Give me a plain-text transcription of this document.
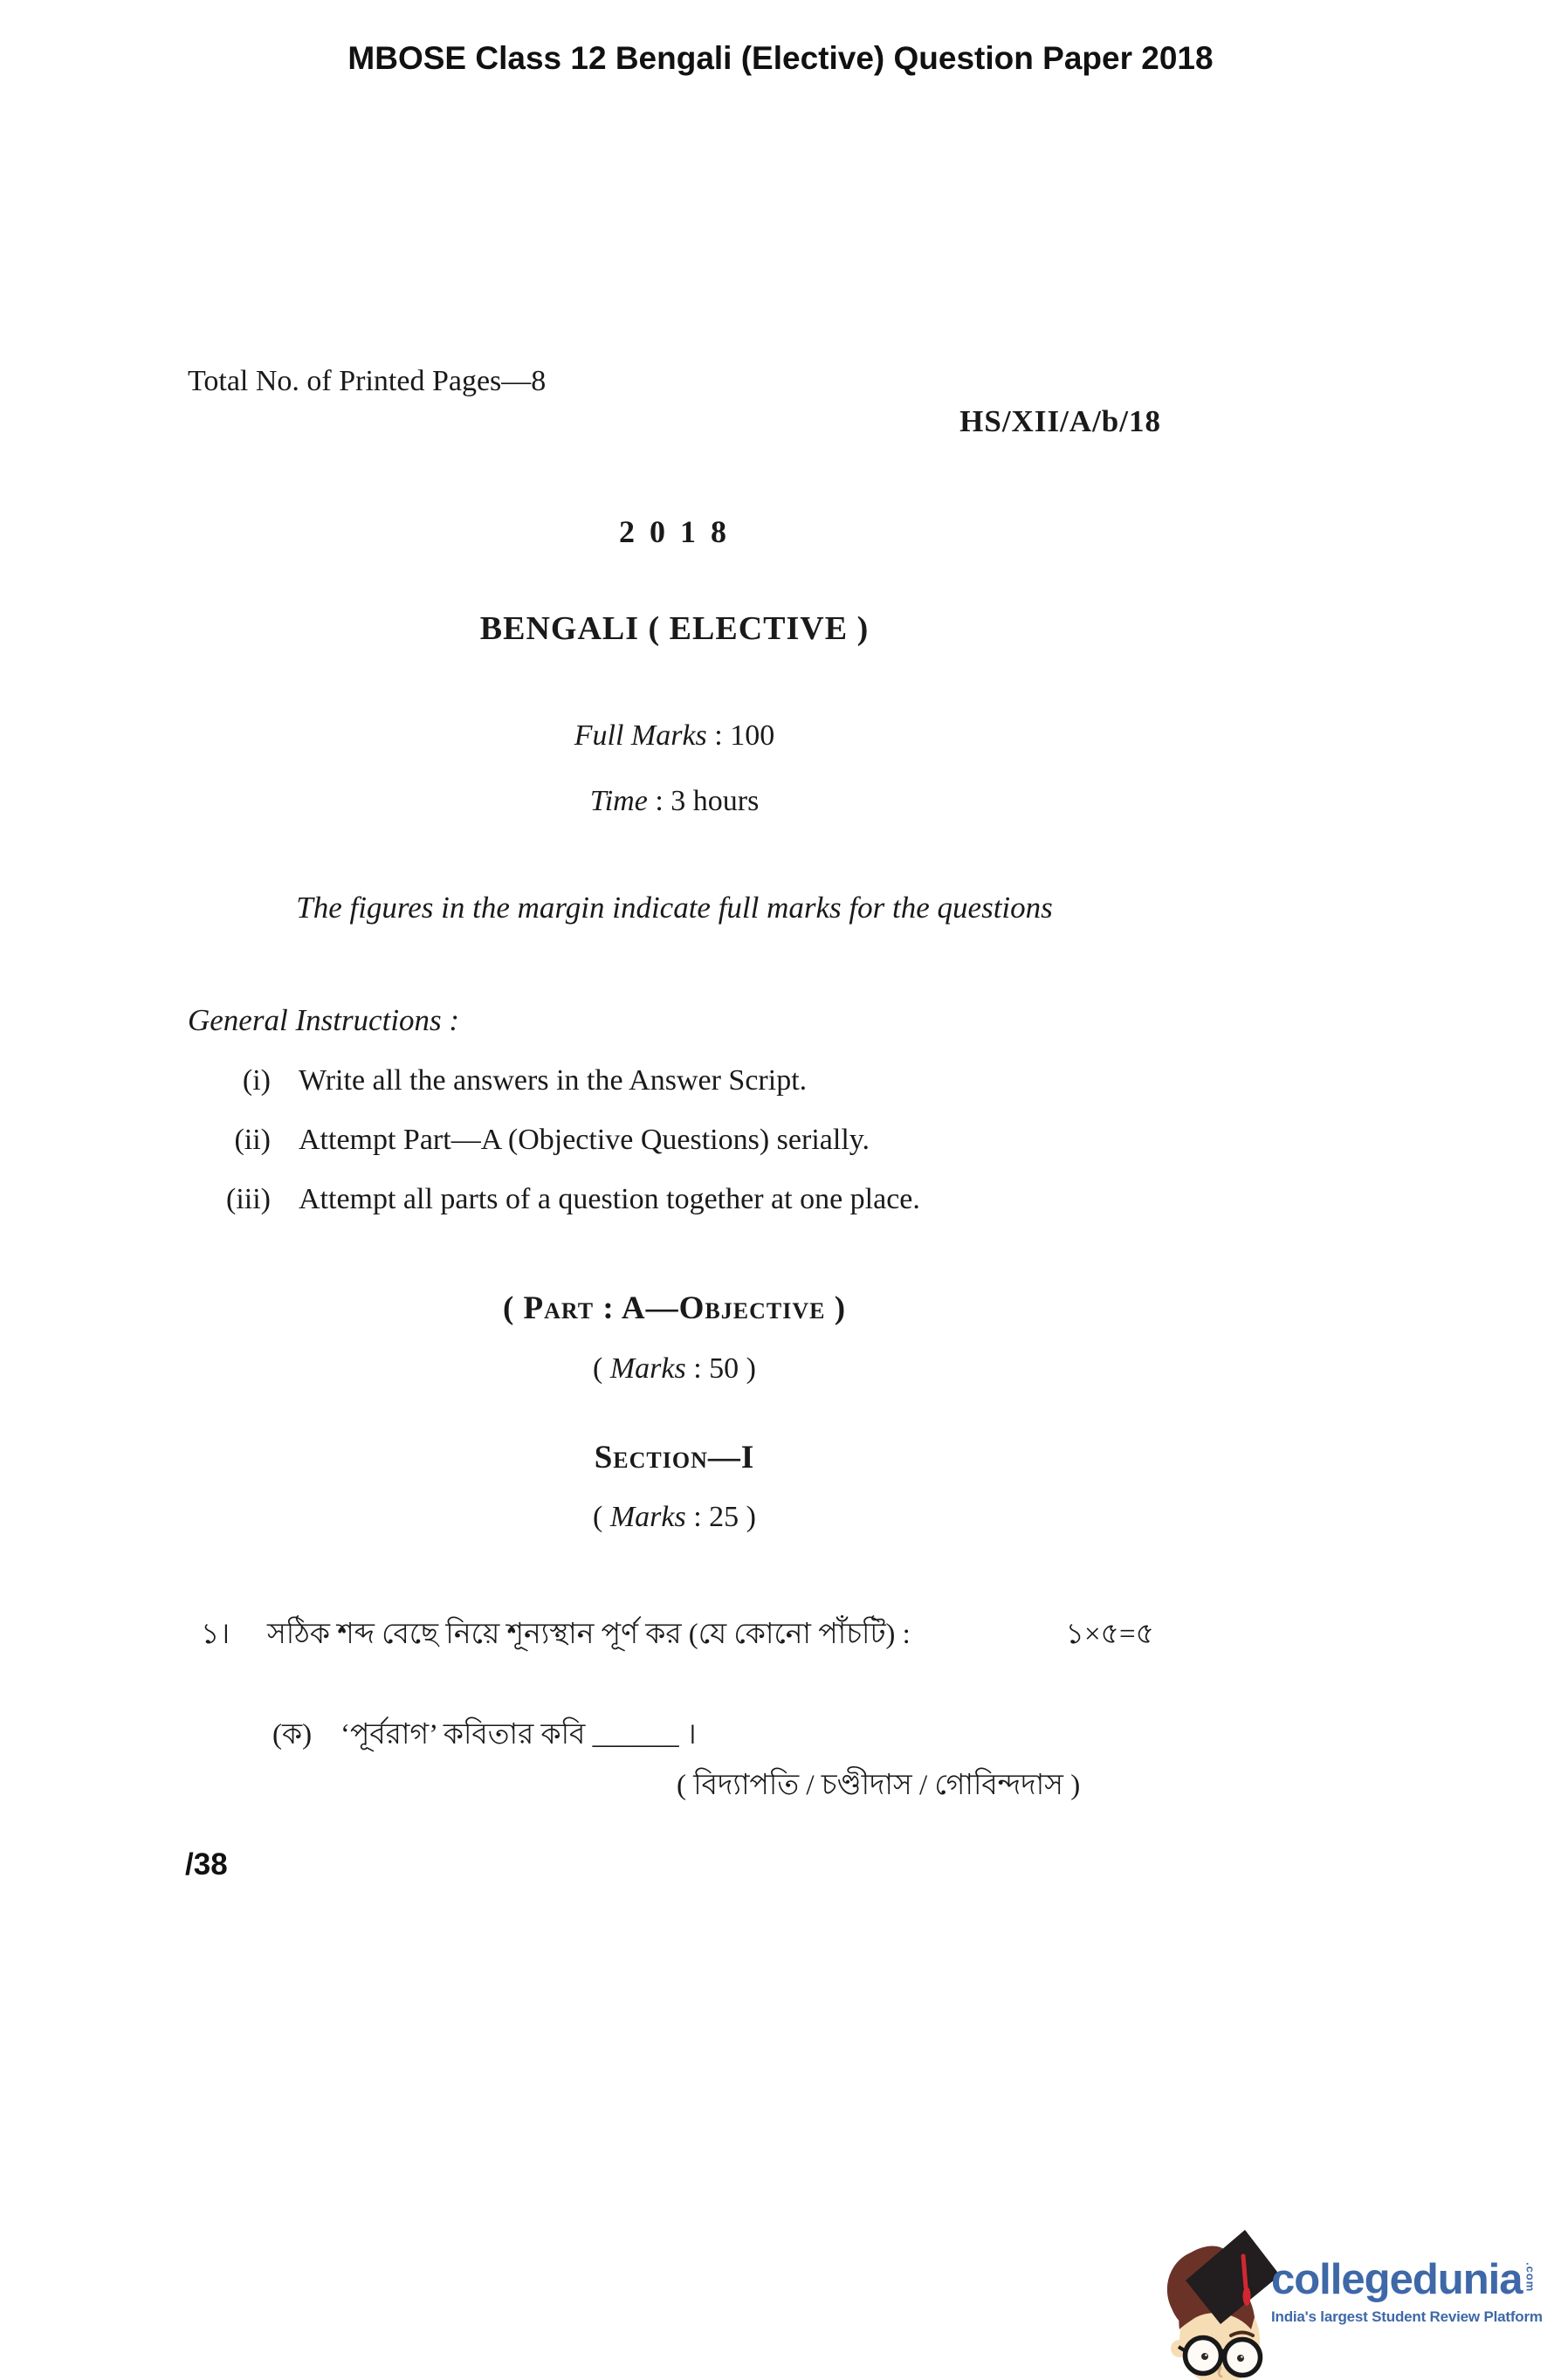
MBOSE Class 12 Bengali (Elective) Question Paper 2018
Total No. of Printed Pages—8
HS/XII/A/b/18
2 0 1 8
BENGALI ( ELECTIVE )
Full Marks : 100
Time : 3 hours
The figures in the margin indicate full marks for the questions
General Instructions :
(i) Write all the answers in the Answer Script.
(ii) Attempt Part—A (Objective Questions) serially.
(iii) Attempt all parts of a question together at one place.
( Part : A—Objective )
( Marks : 50 )
Section—I
( Marks : 25 )
১। সঠিক শব্দ বেছে নিয়ে শূন্যস্থান পূর্ণ কর (যে কোনো পাঁচটি) :	১×৫=৫
(ক) ‘পূর্বরাগ’ কবিতার কবি ______ ।
( বিদ্যাপতি / চণ্ডীদাস / গোবিন্দদাস )
/38
collegedunia .com
India's largest Student Review Platform
